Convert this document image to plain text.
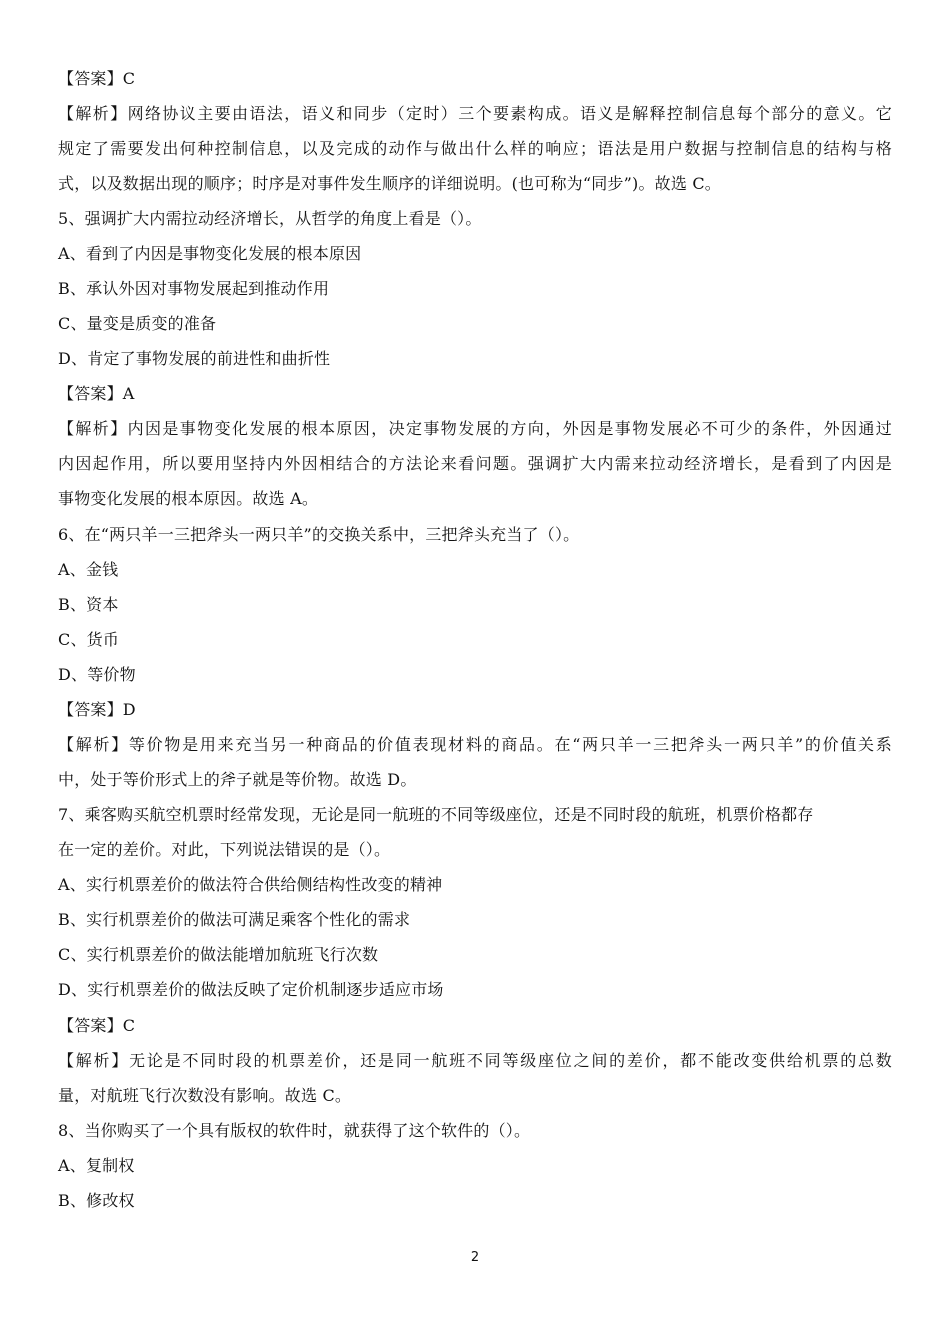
【答案】C
【解析】网络协议主要由语法，语义和同步（定时）三个要素构成。语义是解释控制信息每个部分的意义。它
规定了需要发出何种控制信息，以及完成的动作与做出什么样的响应；语法是用户数据与控制信息的结构与格
式，以及数据出现的顺序；时序是对事件发生顺序的详细说明。(也可称为“同步”)。故选 C。
5、强调扩大内需拉动经济增长，从哲学的角度上看是（）。
A、看到了内因是事物变化发展的根本原因
B、承认外因对事物发展起到推动作用
C、量变是质变的准备
D、肯定了事物发展的前进性和曲折性
【答案】A
【解析】内因是事物变化发展的根本原因，决定事物发展的方向，外因是事物发展必不可少的条件，外因通过
内因起作用，所以要用坚持内外因相结合的方法论来看问题。强调扩大内需来拉动经济增长，是看到了内因是
事物变化发展的根本原因。故选 A。
6、在“两只羊一三把斧头一两只羊”的交换关系中，三把斧头充当了（）。
A、金钱
B、资本
C、货币
D、等价物
【答案】D
【解析】等价物是用来充当另一种商品的价值表现材料的商品。在“两只羊一三把斧头一两只羊”的价值关系
中，处于等价形式上的斧子就是等价物。故选 D。
7、乘客购买航空机票时经常发现，无论是同一航班的不同等级座位，还是不同时段的航班，机票价格都存
在一定的差价。对此，下列说法错误的是（）。
A、实行机票差价的做法符合供给侧结构性改变的精神
B、实行机票差价的做法可满足乘客个性化的需求
C、实行机票差价的做法能增加航班飞行次数
D、实行机票差价的做法反映了定价机制逐步适应市场
【答案】C
【解析】无论是不同时段的机票差价，还是同一航班不同等级座位之间的差价，都不能改变供给机票的总数
量，对航班飞行次数没有影响。故选 C。
8、当你购买了一个具有版权的软件时，就获得了这个软件的（）。
A、复制权
B、修改权
2
